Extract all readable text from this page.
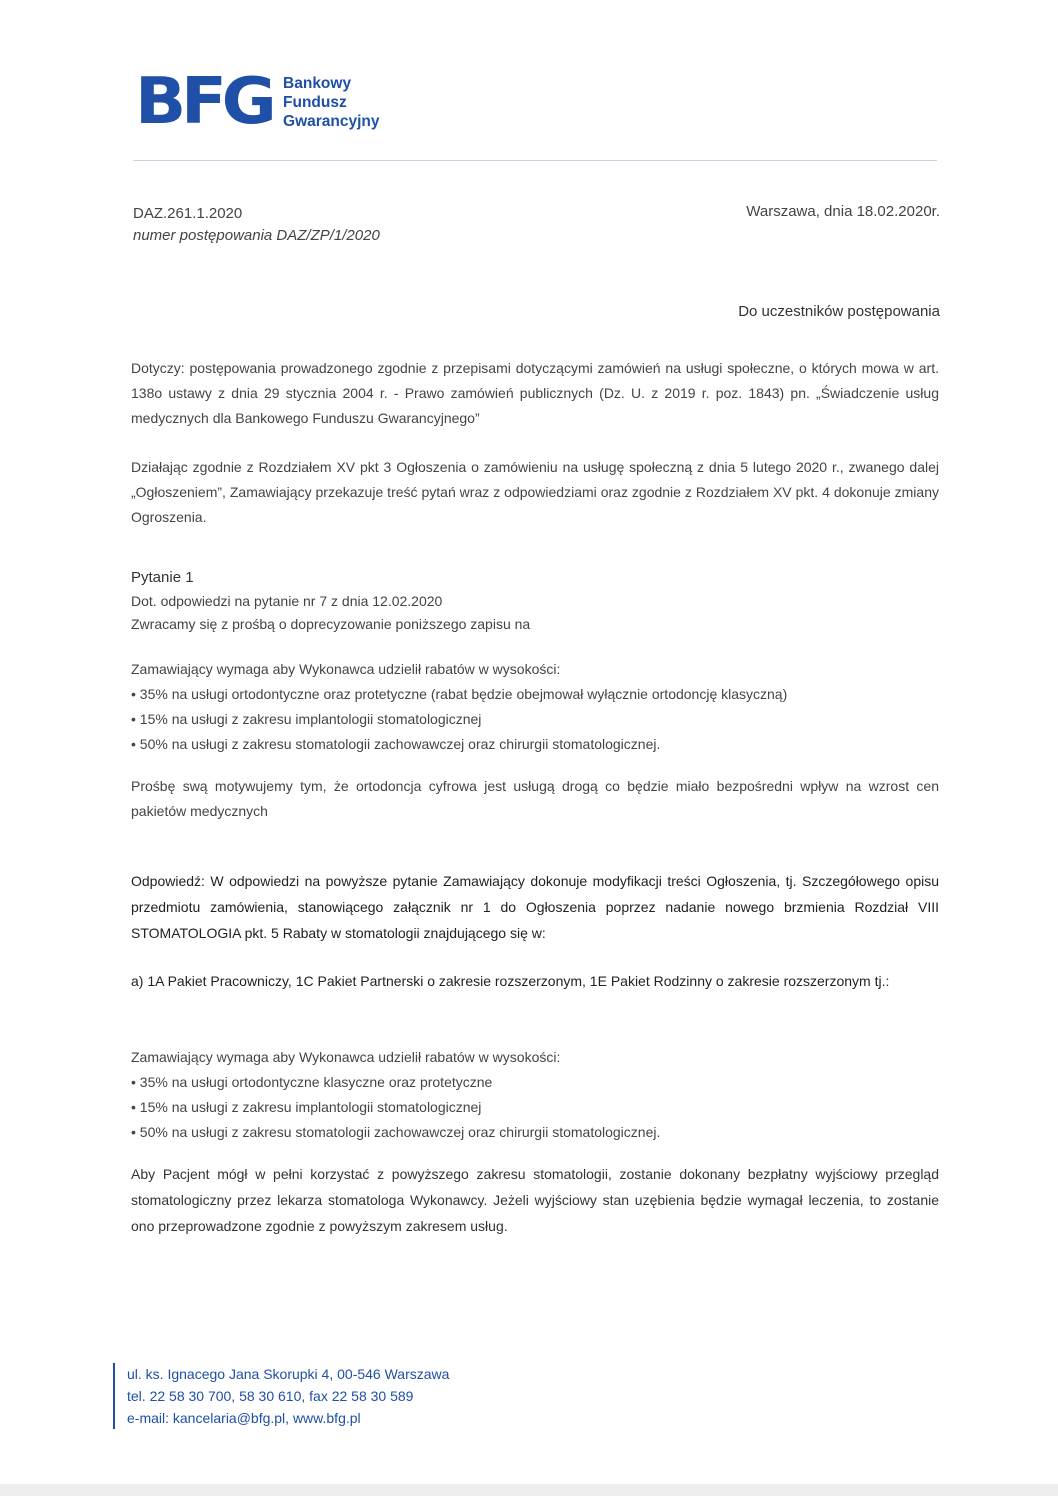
BFG Bankowy
Fundusz
Gwarancyjny
DAZ.261.1.2020
numer postępowania DAZ/ZP/1/2020
Warszawa, dnia 18.02.2020r.
Do uczestników postępowania
Dotyczy: postępowania prowadzonego zgodnie z przepisami dotyczącymi zamówień na usługi społeczne, o których mowa w art. 138o ustawy z dnia 29 stycznia 2004 r. - Prawo zamówień publicznych (Dz. U. z 2019 r. poz. 1843) pn. „Świadczenie usług medycznych dla Bankowego Funduszu Gwarancyjnego”
Działając zgodnie z Rozdziałem XV pkt 3 Ogłoszenia o zamówieniu na usługę społeczną z dnia 5 lutego 2020 r., zwanego dalej „Ogłoszeniem”, Zamawiający przekazuje treść pytań wraz z odpowiedziami oraz zgodnie z Rozdziałem XV pkt. 4 dokonuje zmiany Ogroszenia.
Pytanie 1
Dot. odpowiedzi na pytanie nr 7 z dnia 12.02.2020
Zwracamy się z prośbą o doprecyzowanie poniższego zapisu na
Zamawiający wymaga aby Wykonawca udzielił rabatów w wysokości:
• 35% na usługi ortodontyczne oraz protetyczne (rabat będzie obejmował wyłącznie ortodoncję klasyczną)
• 15% na usługi z zakresu implantologii stomatologicznej
• 50% na usługi z zakresu stomatologii zachowawczej oraz chirurgii stomatologicznej.
Prośbę swą motywujemy tym, że ortodoncja cyfrowa jest usługą drogą co będzie miało bezpośredni wpływ na wzrost cen pakietów medycznych
Odpowiedź: W odpowiedzi na powyższe pytanie Zamawiający dokonuje modyfikacji treści Ogłoszenia, tj. Szczegółowego opisu przedmiotu zamówienia, stanowiącego załącznik nr 1 do Ogłoszenia poprzez nadanie nowego brzmienia Rozdział VIII STOMATOLOGIA pkt. 5 Rabaty w stomatologii znajdującego się w:
a) 1A Pakiet Pracowniczy, 1C Pakiet Partnerski o zakresie rozszerzonym, 1E Pakiet Rodzinny o zakresie rozszerzonym tj.:
Zamawiający wymaga aby Wykonawca udzielił rabatów w wysokości:
• 35% na usługi ortodontyczne klasyczne oraz protetyczne
• 15% na usługi z zakresu implantologii stomatologicznej
• 50% na usługi z zakresu stomatologii zachowawczej oraz chirurgii stomatologicznej.
Aby Pacjent mógł w pełni korzystać z powyższego zakresu stomatologii, zostanie dokonany bezpłatny wyjściowy przegląd stomatologiczny przez lekarza stomatologa Wykonawcy. Jeżeli wyjściowy stan uzębienia będzie wymagał leczenia, to zostanie ono przeprowadzone zgodnie z powyższym zakresem usług.
ul. ks. Ignacego Jana Skorupki 4, 00-546 Warszawa
tel. 22 58 30 700, 58 30 610, fax 22 58 30 589
e-mail: kancelaria@bfg.pl, www.bfg.pl
